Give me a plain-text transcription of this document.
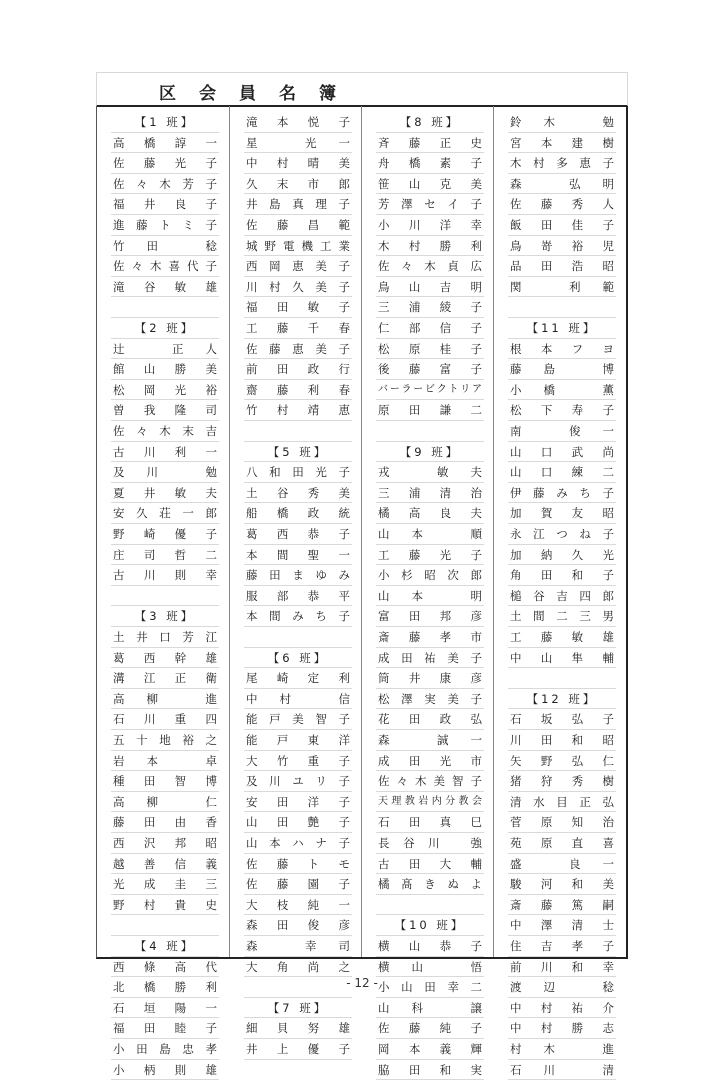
区会員名簿
【1 班】
高 橋 諄 一
佐 藤 光 子
佐 々 木 芳 子
福 井 良 子
進 藤 ト ミ 子
竹 田
	稔
佐 々 木 喜 代 子
滝 谷 敏 雄
【2 班】
辻
	正 人
館 山 勝 美
松 岡 光 裕
曽 我 隆 司
佐 々 木 末 吉
古 川 利 一
及 川
	勉
夏 井 敏 夫
安 久 荘 一 郎
野 崎 優 子
庄 司 哲 二
古 川 則 幸
【3 班】
土 井 口 芳 江
葛 西 幹 雄
溝 江 正 衛
高 柳
	進
石 川 重 四
五 十 地 裕 之
岩 本
	卓
種 田 智 博
高 柳
	仁
藤 田 由 香
西 沢 邦 昭
越 善 信 義
光 成 圭 三
野 村 貴 史
【4 班】
西 條 高 代
北 橋 勝 利
石 垣 陽 一
福 田 睦 子
小 田 島 忠 孝
小 柄 則 雄
滝 本 悦 子
星
	光 一
中 村 晴 美
久 末 市 郎
井 島 真 理 子
佐 藤 昌 範
城 野 電 機 工 業
西 岡 恵 美 子
川 村 久 美 子
福 田 敏 子
工 藤 千 春
佐 藤 恵 美 子
前 田 政 行
齋 藤 利 春
竹 村 靖 恵
【5 班】
八 和 田 光 子
土 谷 秀 美
船 橋 政 統
葛 西 恭 子
本 間 聖 一
藤 田 ま ゆ み
服 部 恭 平
本 間 み ち 子
【6 班】
尾 崎 定 利
中 村
	信
能 戸 美 智 子
能 戸 東 洋
大 竹 重 子
及 川 ユ リ 子
安 田 洋 子
山 田 艶 子
山 本 ハ ナ 子
佐 藤 ト モ
佐 藤 園 子
大 枝 純 一
森 田 俊 彦
森
	幸 司
大 角 尚 之
【7 班】
細 貝 努 雄
井 上 優 子
【8 班】
斉 藤 正 史
舟 橋 素 子
笹 山 克 美
芳 澤 セ イ 子
小 川 洋 幸
木 村 勝 利
佐 々 木 貞 広
鳥 山 吉 明
三 浦 綾 子
仁 部 信 子
松 原 桂 子
後 藤 富 子
バ ー ラ ー ビ ク ト リ ア
原 田 謙 二
【9 班】
戎
	敏 夫
三 浦 清 治
橘 高 良 夫
山 本
	順
工 藤 光 子
小 杉 昭 次 郎
山 本
	明
富 田 邦 彦
斎 藤 孝 市
成 田 祐 美 子
筒 井 康 彦
松 澤 実 美 子
花 田 政 弘
森
	誠 一
成 田 光 市
佐 々 木 美 智 子
天 理 教 岩 内 分 教 会
石 田 真 巳
長 谷 川
	強
古 田 大 輔
橘 髙 き ぬ よ
【10 班】
横 山 恭 子
横 山
	悟
小 山 田 幸 二
山 科
	譲
佐 藤 純 子
岡 本 義 輝
脇 田 和 実
鈴 木
	勉
宮 本 建 樹
木 村 多 恵 子
森
	弘 明
佐 藤 秀 人
飯 田 佳 子
鳥 嵜 裕 児
品 田 浩 昭
関
	利 範
【11 班】
根 本 フ ヨ
藤 島
	博
小 橋
	薫
松 下 寿 子
南
	俊 一
山 口 武 尚
山 口 練 二
伊 藤 み ち 子
加 賀 友 昭
永 江 つ ね 子
加 納 久 光
角 田 和 子
槌 谷 吉 四 郎
土 間 二 三 男
工 藤 敏 雄
中 山 隼 輔
【12 班】
石 坂 弘 子
川 田 和 昭
矢 野 弘 仁
猪 狩 秀 樹
清 水 目 正 弘
菅 原 知 治
苑 原 直 喜
盛
	良 一
駿 河 和 美
斎 藤 篤 嗣
中 澤 清 士
住 吉 孝 子
前 川 和 幸
渡 辺
	稔
中 村 祐 介
中 村 勝 志
村 木
	進
石 川
	清
- 12 -
